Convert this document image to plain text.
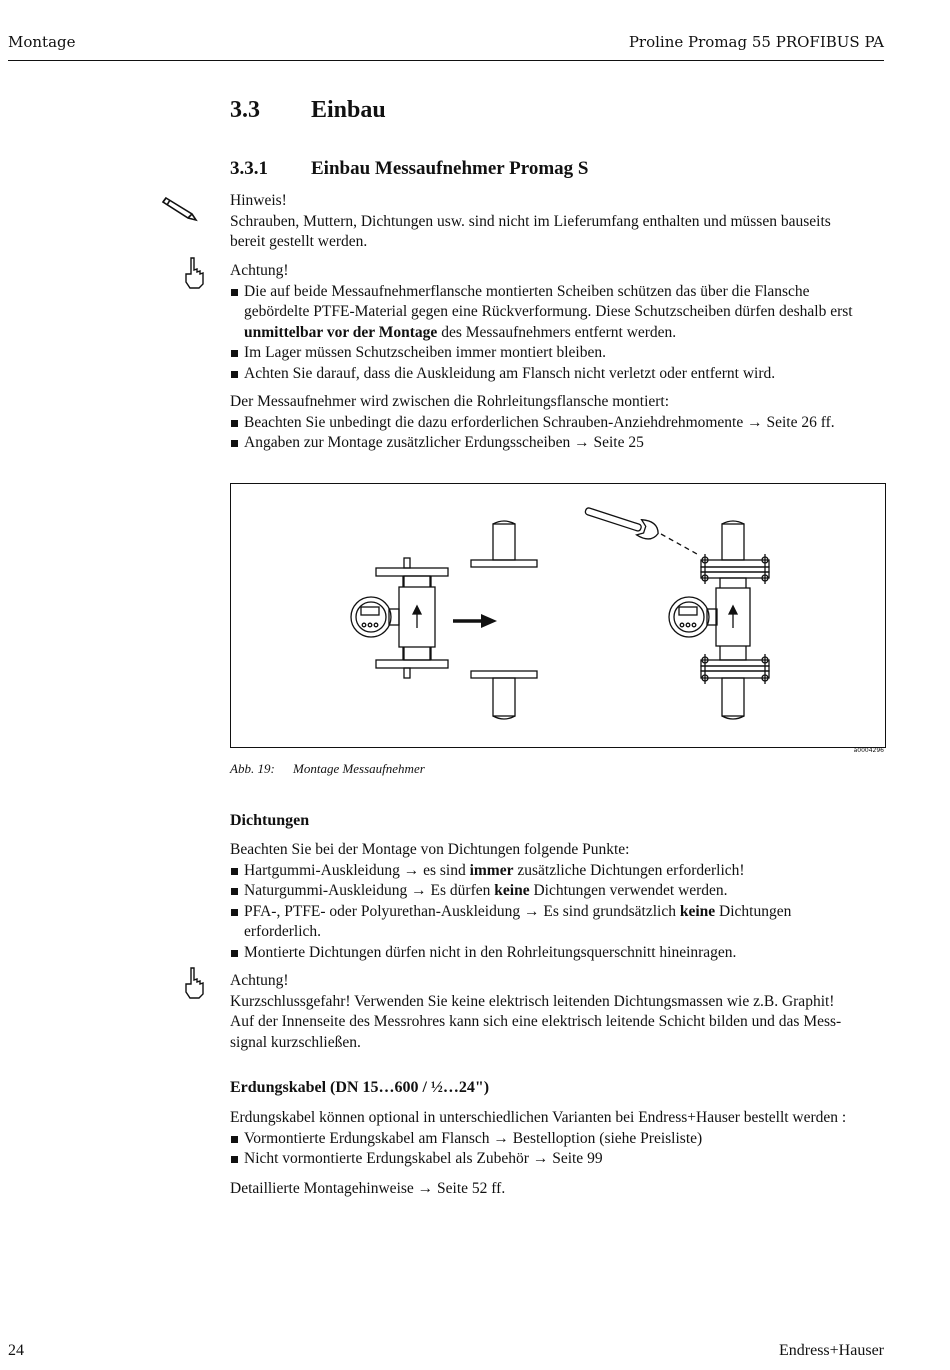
Montage	Proline Promag 55 PROFIBUS PA
3.3 Einbau
3.3.1 Einbau Messaufnehmer Promag S
Hinweis!
Schrauben, Muttern, Dichtungen usw. sind nicht im Lieferumfang enthalten und müssen bauseits
bereit gestellt werden.
Achtung!
Die auf beide Messaufnehmerflansche montierten Scheiben schützen das über die Flansche
gebördelte PTFE-Material gegen eine Rückverformung. Diese Schutzscheiben dürfen deshalb erst
unmittelbar vor der Montage des Messaufnehmers entfernt werden.
Im Lager müssen Schutzscheiben immer montiert bleiben.
Achten Sie darauf, dass die Auskleidung am Flansch nicht verletzt oder entfernt wird.
Der Messaufnehmer wird zwischen die Rohrleitungsflansche montiert:
Beachten Sie unbedingt die dazu erforderlichen Schrauben-Anziehdrehmomente → Seite 26 ff.
Angaben zur Montage zusätzlicher Erdungsscheiben → Seite 25
a0004296
Abb. 19: Montage Messaufnehmer
Dichtungen
Beachten Sie bei der Montage von Dichtungen folgende Punkte:
Hartgummi-Auskleidung → es sind immer zusätzliche Dichtungen erforderlich!
Naturgummi-Auskleidung → Es dürfen keine Dichtungen verwendet werden.
PFA-, PTFE- oder Polyurethan-Auskleidung → Es sind grundsätzlich keine Dichtungen
erforderlich.
Montierte Dichtungen dürfen nicht in den Rohrleitungsquerschnitt hineinragen.
Achtung!
Kurzschlussgefahr! Verwenden Sie keine elektrisch leitenden Dichtungsmassen wie z.B. Graphit!
Auf der Innenseite des Messrohres kann sich eine elektrisch leitende Schicht bilden und das Mess-
signal kurzschließen.
Erdungskabel (DN 15…600 / ½…24")
Erdungskabel können optional in unterschiedlichen Varianten bei Endress+Hauser bestellt werden :
Vormontierte Erdungskabel am Flansch → Bestelloption (siehe Preisliste)
Nicht vormontierte Erdungskabel als Zubehör → Seite 99
Detaillierte Montagehinweise → Seite 52 ff.
24	Endress+Hauser
